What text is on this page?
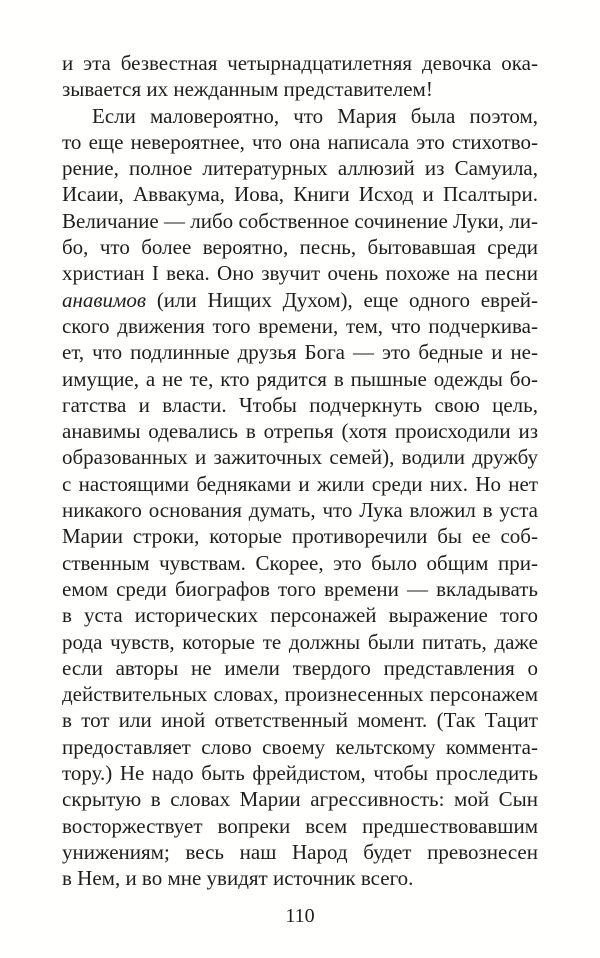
и эта безвестная четырнадцатилетняя девочка ока-
зывается их нежданным представителем!
Если маловероятно, что Мария была поэтом,
то еще невероятнее, что она написала это стихотво-
рение, полное литературных аллюзий из Самуила,
Исаии, Аввакума, Иова, Книги Исход и Псалтыри.
Величание — либо собственное сочинение Луки, ли-
бо, что более вероятно, песнь, бытовавшая среди
христиан I века. Оно звучит очень похоже на песни
анавимов (или Нищих Духом), еще одного еврей-
ского движения того времени, тем, что подчеркива-
ет, что подлинные друзья Бога — это бедные и не-
имущие, а не те, кто рядится в пышные одежды бо-
гатства и власти. Чтобы подчеркнуть свою цель,
анавимы одевались в отрепья (хотя происходили из
образованных и зажиточных семей), водили дружбу
с настоящими бедняками и жили среди них. Но нет
никакого основания думать, что Лука вложил в уста
Марии строки, которые противоречили бы ее соб-
ственным чувствам. Скорее, это было общим при-
емом среди биографов того времени — вкладывать
в уста исторических персонажей выражение того
рода чувств, которые те должны были питать, даже
если авторы не имели твердого представления о
действительных словах, произнесенных персонажем
в тот или иной ответственный момент. (Так Тацит
предоставляет слово своему кельтскому коммента-
тору.) Не надо быть фрейдистом, чтобы проследить
скрытую в словах Марии агрессивность: мой Сын
восторжествует вопреки всем предшествовавшим
унижениям; весь наш Народ будет превознесен
в Нем, и во мне увидят источник всего.
110
